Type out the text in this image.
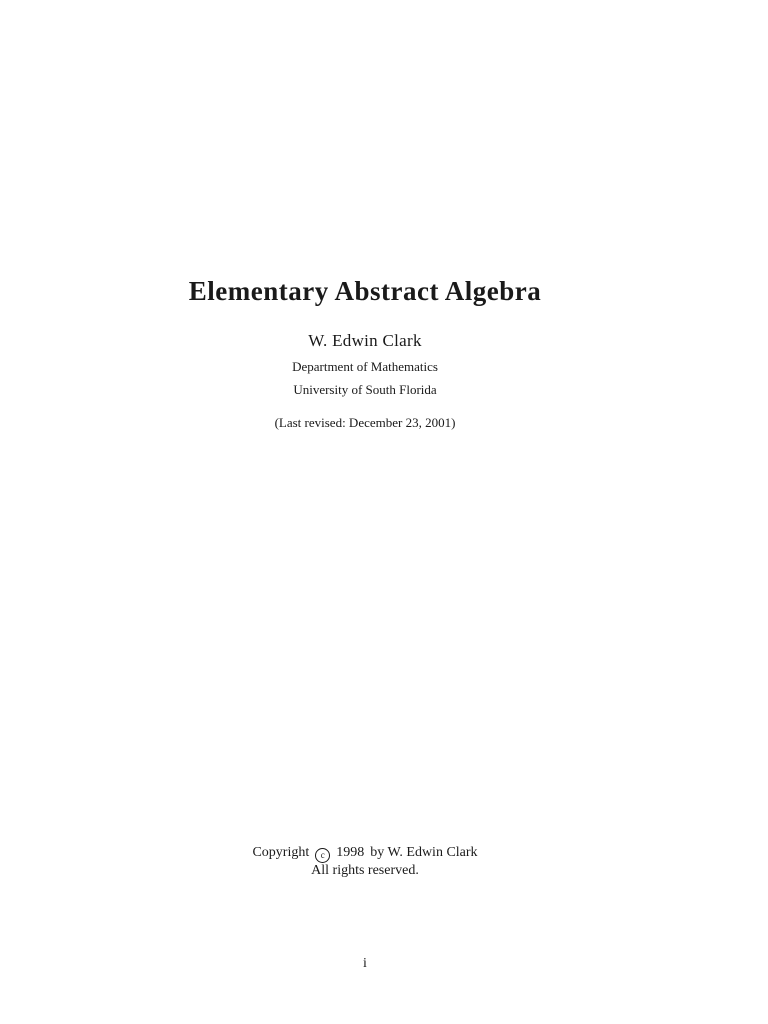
Elementary Abstract Algebra
W. Edwin Clark
Department of Mathematics
University of South Florida
(Last revised: December 23, 2001)
Copyright c 1998 by W. Edwin Clark
All rights reserved.
i
